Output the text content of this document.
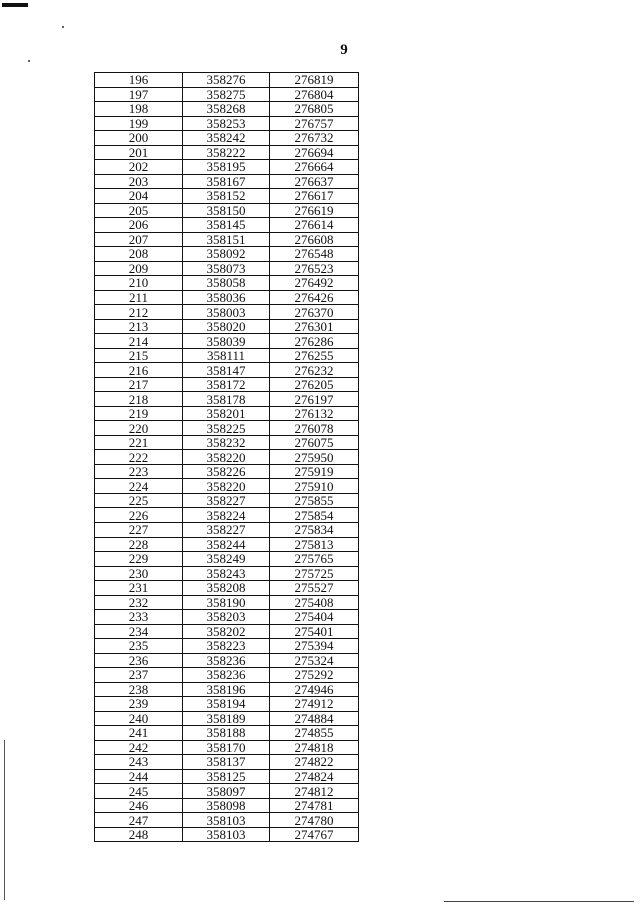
9
196	358276	276819
197	358275	276804
198	358268	276805
199	358253	276757
200	358242	276732
201	358222	276694
202	358195	276664
203	358167	276637
204	358152	276617
205	358150	276619
206	358145	276614
207	358151	276608
208	358092	276548
209	358073	276523
210	358058	276492
211	358036	276426
212	358003	276370
213	358020	276301
214	358039	276286
215	358111	276255
216	358147	276232
217	358172	276205
218	358178	276197
219	358201	276132
220	358225	276078
221	358232	276075
222	358220	275950
223	358226	275919
224	358220	275910
225	358227	275855
226	358224	275854
227	358227	275834
228	358244	275813
229	358249	275765
230	358243	275725
231	358208	275527
232	358190	275408
233	358203	275404
234	358202	275401
235	358223	275394
236	358236	275324
237	358236	275292
238	358196	274946
239	358194	274912
240	358189	274884
241	358188	274855
242	358170	274818
243	358137	274822
244	358125	274824
245	358097	274812
246	358098	274781
247	358103	274780
248	358103	274767
